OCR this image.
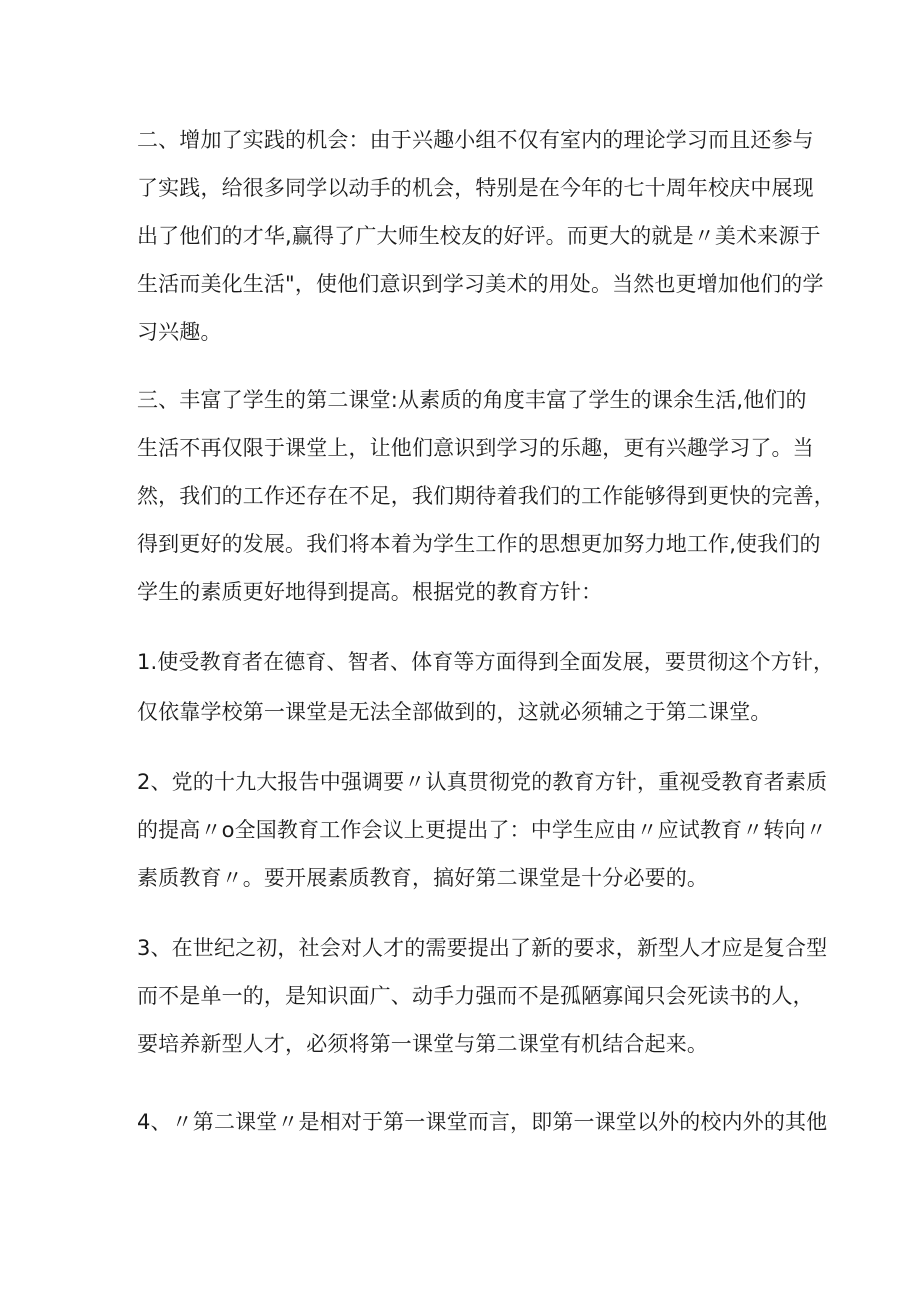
二、增加了实践的机会：由于兴趣小组不仅有室内的理论学习而且还参与

了实践，给很多同学以动手的机会，特别是在今年的七十周年校庆中展现

出了他们的才华,赢得了广大师生校友的好评。而更大的就是〃美术来源于

生活而美化生活"，使他们意识到学习美术的用处。当然也更增加他们的学

习兴趣。

三、丰富了学生的第二课堂:从素质的角度丰富了学生的课余生活,他们的

生活不再仅限于课堂上，让他们意识到学习的乐趣，更有兴趣学习了。当

然，我们的工作还存在不足，我们期待着我们的工作能够得到更快的完善，

得到更好的发展。我们将本着为学生工作的思想更加努力地工作,使我们的

学生的素质更好地得到提高。根据党的教育方针：

1.使受教育者在德育、智者、体育等方面得到全面发展，要贯彻这个方针，

仅依靠学校第一课堂是无法全部做到的，这就必须辅之于第二课堂。

2、党的十九大报告中强调要〃认真贯彻党的教育方针，重视受教育者素质

的提高〃o全国教育工作会议上更提出了：中学生应由〃应试教育〃转向〃

素质教育〃。要开展素质教育，搞好第二课堂是十分必要的。

3、在世纪之初，社会对人才的需要提出了新的要求，新型人才应是复合型

而不是单一的，是知识面广、动手力强而不是孤陋寡闻只会死读书的人，

要培养新型人才，必须将第一课堂与第二课堂有机结合起来。

4、〃第二课堂〃是相对于第一课堂而言，即第一课堂以外的校内外的其他
